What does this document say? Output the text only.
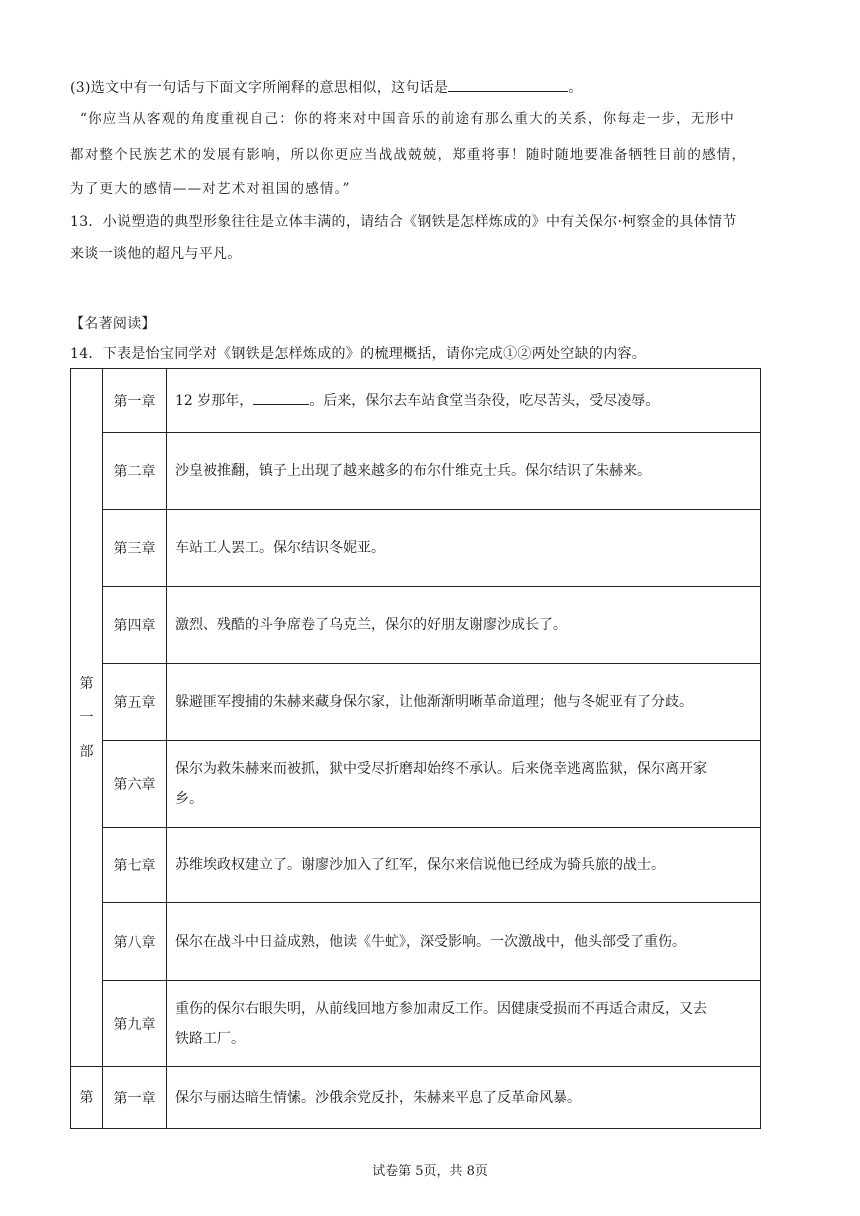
(3)选文中有一句话与下面文字所阐释的意思相似，这句话是	。
“你应当从客观的角度重视自己：你的将来对中国音乐的前途有那么重大的关系，你每走一步，无形中
都对整个民族艺术的发展有影响，所以你更应当战战兢兢，郑重将事！随时随地要准备牺牲目前的感情，
为了更大的感情——对艺术对祖国的感情。”
13．小说塑造的典型形象往往是立体丰满的，请结合《钢铁是怎样炼成的》中有关保尔·柯察金的具体情节
来谈一谈他的超凡与平凡。
【名著阅读】
14．下表是怡宝同学对《钢铁是怎样炼成的》的梳理概括，请你完成①②两处空缺的内容。
第
一
部	第一章	12 岁那年， 。后来，保尔去车站食堂当杂役，吃尽苦头，受尽凌辱。
	第二章	沙皇被推翻，镇子上出现了越来越多的布尔什维克士兵。保尔结识了朱赫来。
	第三章	车站工人罢工。保尔结识冬妮亚。
	第四章	激烈、残酷的斗争席卷了乌克兰，保尔的好朋友谢廖沙成长了。
	第五章	躲避匪军搜捕的朱赫来藏身保尔家，让他渐渐明晰革命道理；他与冬妮亚有了分歧。
	第六章	保尔为救朱赫来而被抓，狱中受尽折磨却始终不承认。后来侥幸逃离监狱，保尔离开家
乡。

	第七章	苏维埃政权建立了。谢廖沙加入了红军，保尔来信说他已经成为骑兵旅的战士。
	第八章	保尔在战斗中日益成熟，他读《牛虻》，深受影响。一次激战中，他头部受了重伤。
	第九章	重伤的保尔右眼失明，从前线回地方参加肃反工作。因健康受损而不再适合肃反，又去
铁路工厂。

第	第一章	保尔与丽达暗生情愫。沙俄余党反扑，朱赫来平息了反革命风暴。
试卷第 5页，共 8页
